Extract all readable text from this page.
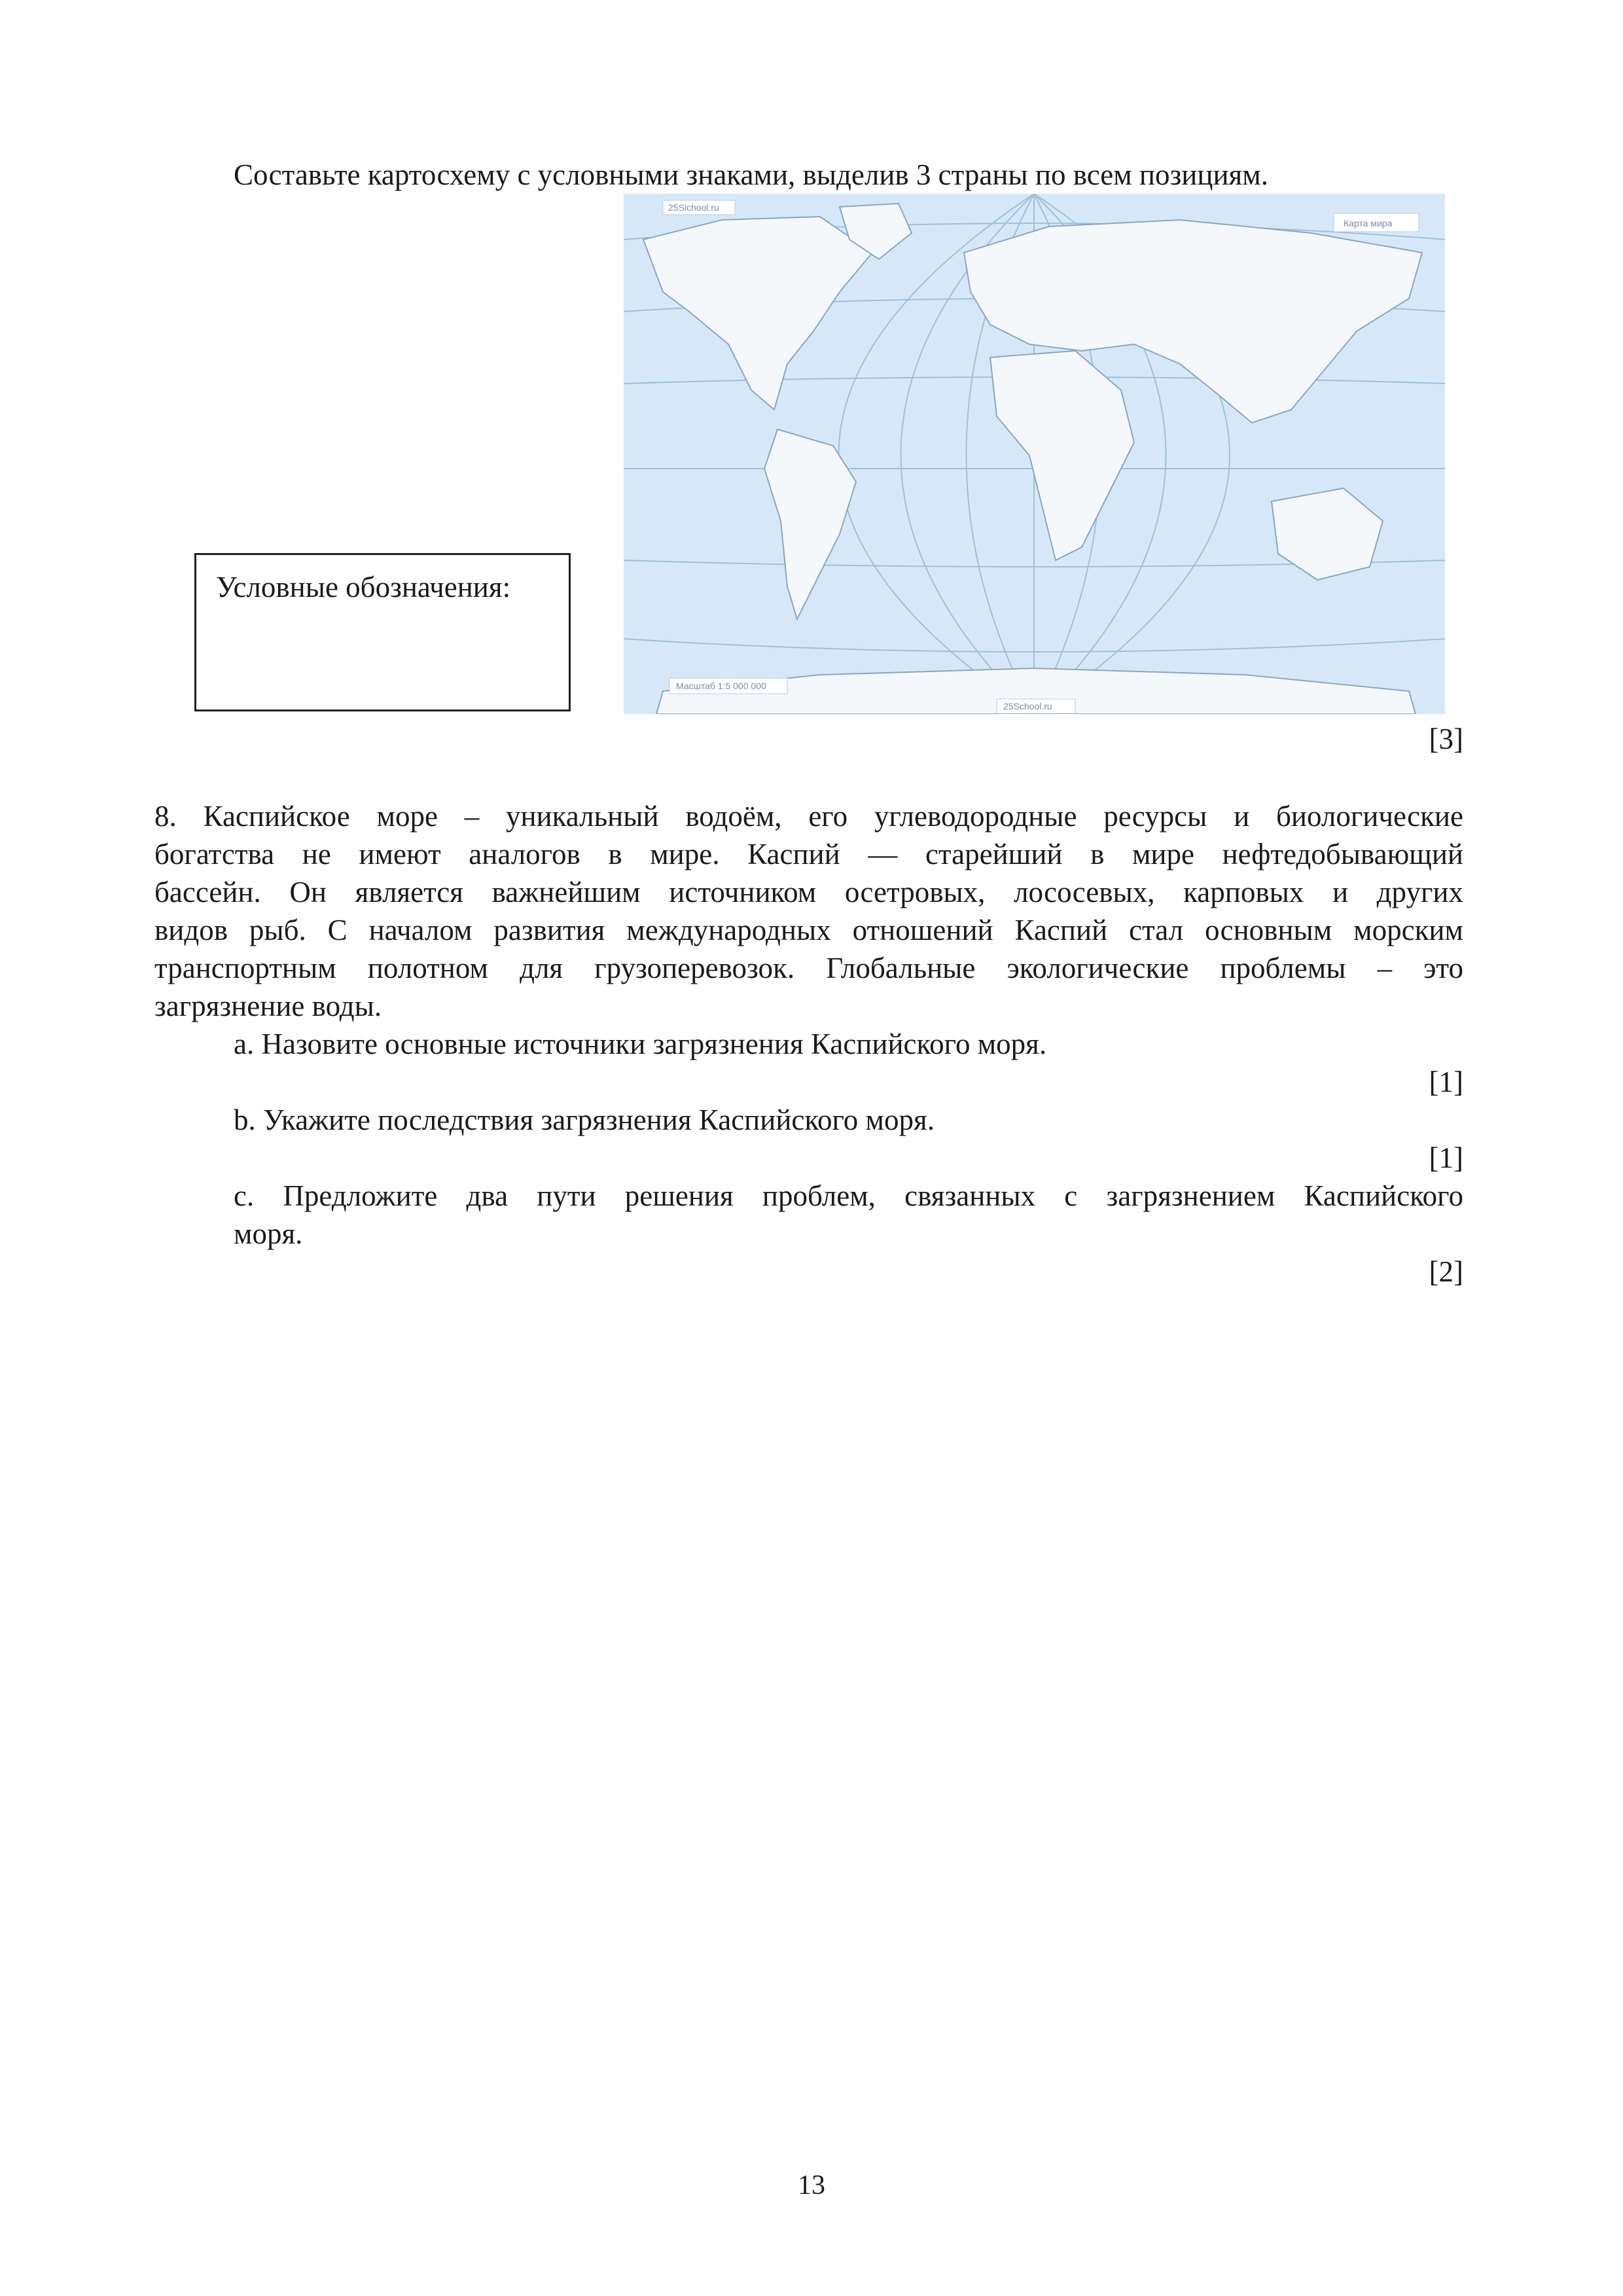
Составьте картосхему с условными знаками, выделив 3 страны по всем позициям.
Условные обозначения:
25Sichool.ru
Карта мира
Масштаб 1:5 000 000
25School.ru
[3]
8. Каспийское море – уникальный водоём, его углеводородные ресурсы и биологические
богатства не имеют аналогов в мире. Каспий — старейший в мире нефтедобывающий
бассейн. Он является важнейшим источником осетровых, лососевых, карповых и других
видов рыб. С началом развития международных отношений Каспий стал основным морским
транспортным полотном для грузоперевозок. Глобальные экологические проблемы – это
загрязнение воды.
a. Назовите основные источники загрязнения Каспийского моря.
[1]
b. Укажите последствия загрязнения Каспийского моря.
[1]
c. Предложите два пути решения проблем, связанных с загрязнением Каспийского
моря.
[2]
13
